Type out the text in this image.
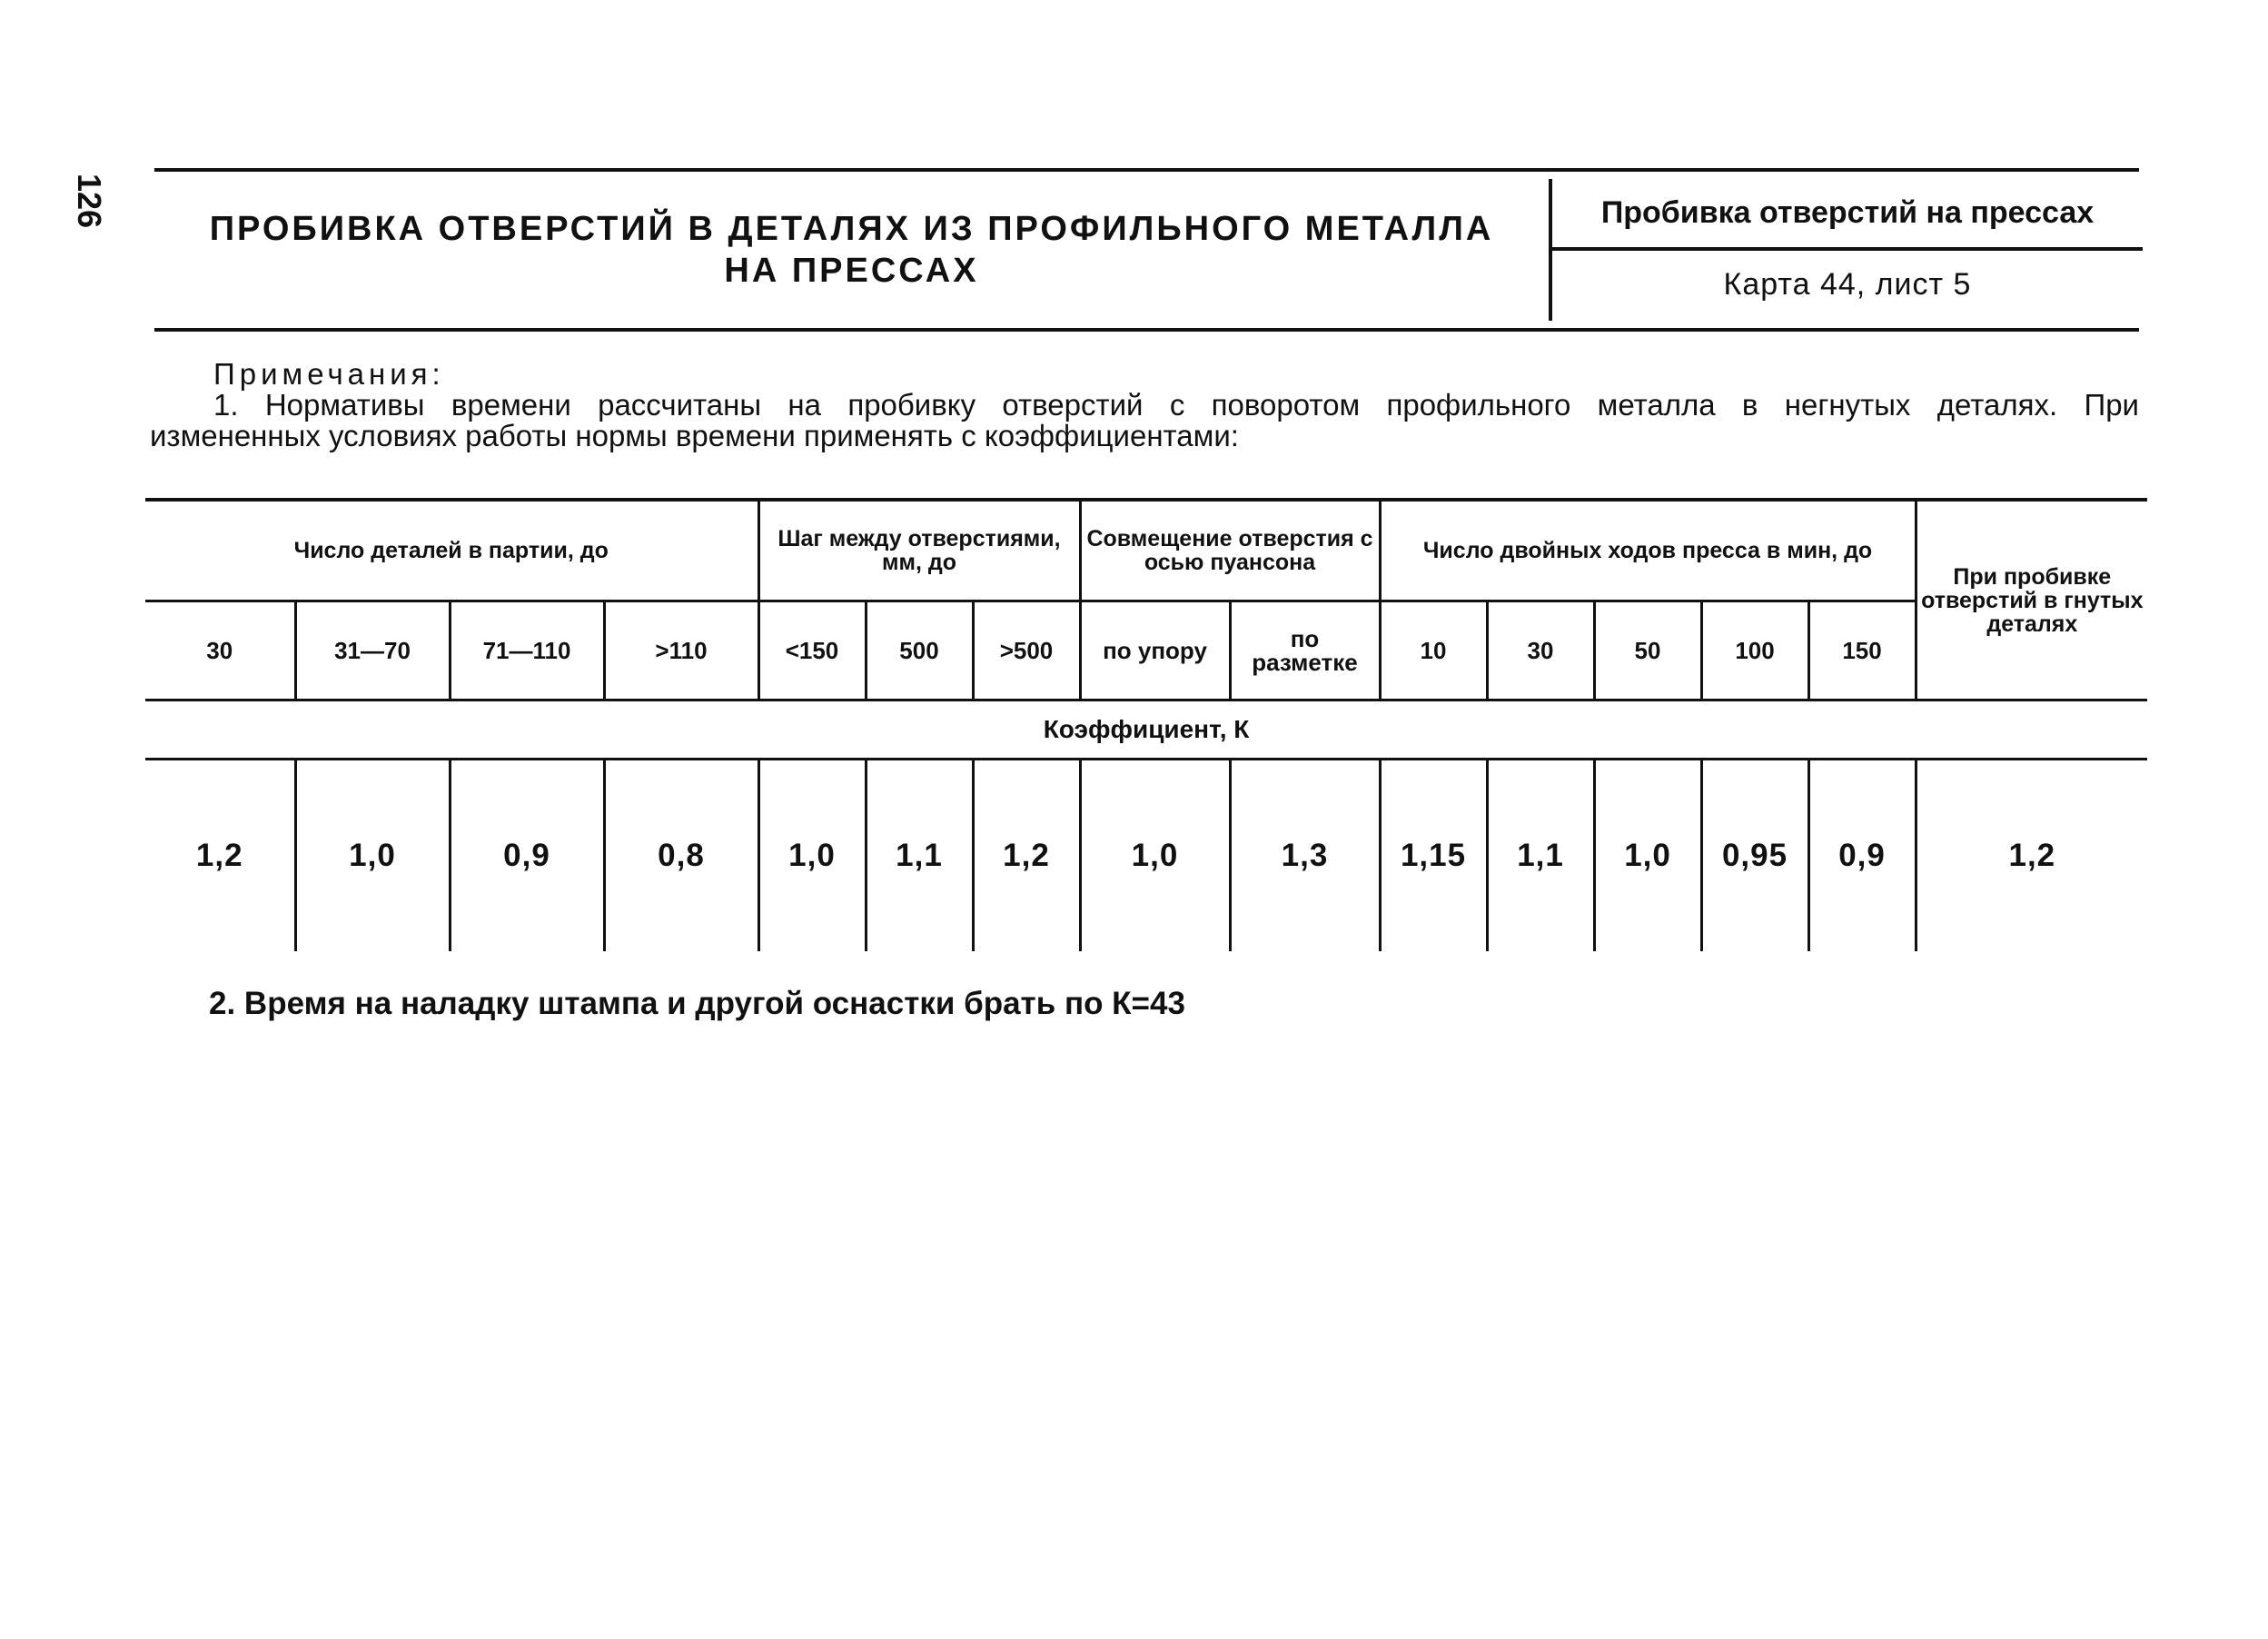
126
ПРОБИВКА ОТВЕРСТИЙ В ДЕТАЛЯХ ИЗ ПРОФИЛЬНОГО МЕТАЛЛА
НА ПРЕССАХ
Пробивка отверстий на прессах
Карта 44, лист 5
Примечания:
1. Нормативы времени рассчитаны на пробивку отверстий с поворотом профильного металла в негнутых деталях. При
измененных условиях работы нормы времени применять с коэффициентами:
Число деталей в партии, до				Шаг между отверстиями, мм, до			Совмещение отверстия с осью пуансона		Число двойных ходов пресса в мин, до					При пробивке отверстий в гнутых деталях
30	31—70	71—110	>110	<150	500	>500	по упору	по разметке	10	30	50	100	150	
Коэффициент, К														
1,2	1,0	0,9	0,8	1,0	1,1	1,2	1,0	1,3	1,15	1,1	1,0	0,95	0,9	1,2
2. Время на наладку штампа и другой оснастки брать по К=43
